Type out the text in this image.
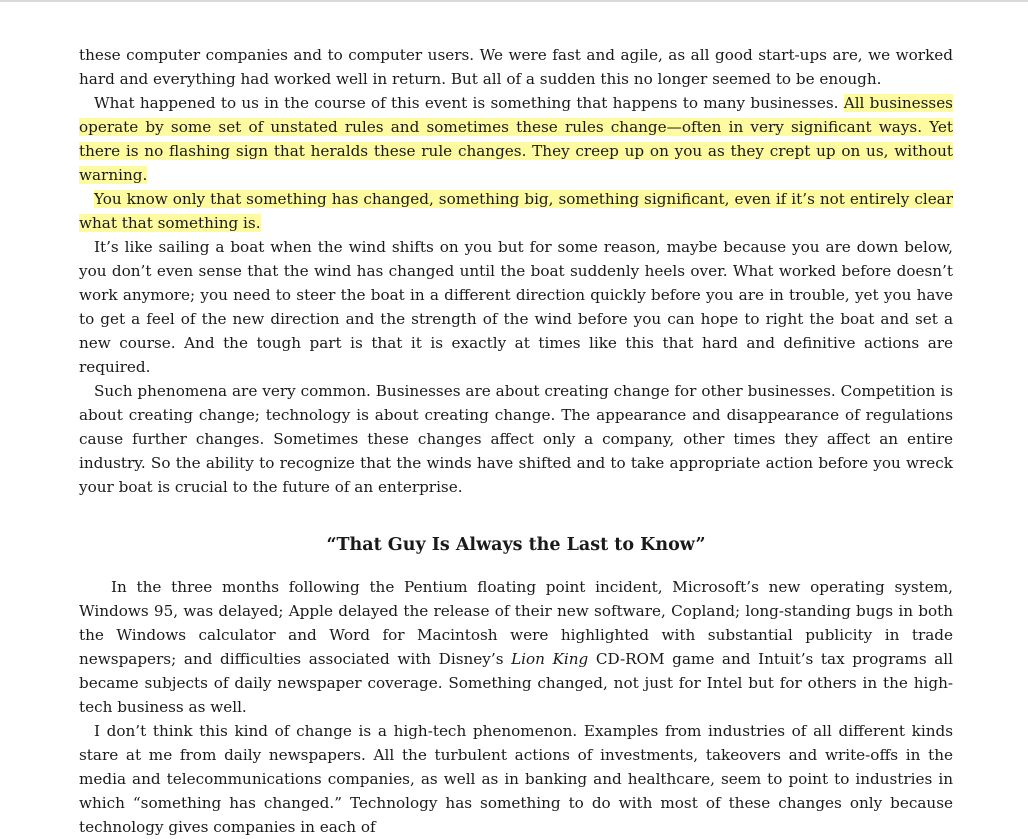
these computer companies and to computer users. We were fast and agile, as all good start-ups are, we worked hard and everything had worked well in return. But all of a sudden this no longer seemed to be enough.

What happened to us in the course of this event is something that happens to many businesses. All businesses operate by some set of unstated rules and sometimes these rules change—often in very significant ways. Yet there is no flashing sign that heralds these rule changes. They creep up on you as they crept up on us, without warning.

You know only that something has changed, something big, something significant, even if it’s not entirely clear what that something is.

It’s like sailing a boat when the wind shifts on you but for some reason, maybe because you are down below, you don’t even sense that the wind has changed until the boat suddenly heels over. What worked before doesn’t work anymore; you need to steer the boat in a different direction quickly before you are in trouble, yet you have to get a feel of the new direction and the strength of the wind before you can hope to right the boat and set a new course. And the tough part is that it is exactly at times like this that hard and definitive actions are required.

Such phenomena are very common. Businesses are about creating change for other businesses. Competition is about creating change; technology is about creating change. The appearance and disappearance of regulations cause further changes. Sometimes these changes affect only a company, other times they affect an entire industry. So the ability to recognize that the winds have shifted and to take appropriate action before you wreck your boat is crucial to the future of an enterprise.

“That Guy Is Always the Last to Know”

In the three months following the Pentium floating point incident, Microsoft’s new operating system, Windows 95, was delayed; Apple delayed the release of their new software, Copland; long-standing bugs in both the Windows calculator and Word for Macintosh were highlighted with substantial publicity in trade newspapers; and difficulties associated with Disney’s Lion King CD-ROM game and Intuit’s tax programs all became subjects of daily newspaper coverage. Something changed, not just for Intel but for others in the high-tech business as well.

I don’t think this kind of change is a high-tech phenomenon. Examples from industries of all different kinds stare at me from daily newspapers. All the turbulent actions of investments, takeovers and write-offs in the media and telecommunications companies, as well as in banking and healthcare, seem to point to industries in which “something has changed.” Technology has something to do with most of these changes only because technology gives companies in each of
